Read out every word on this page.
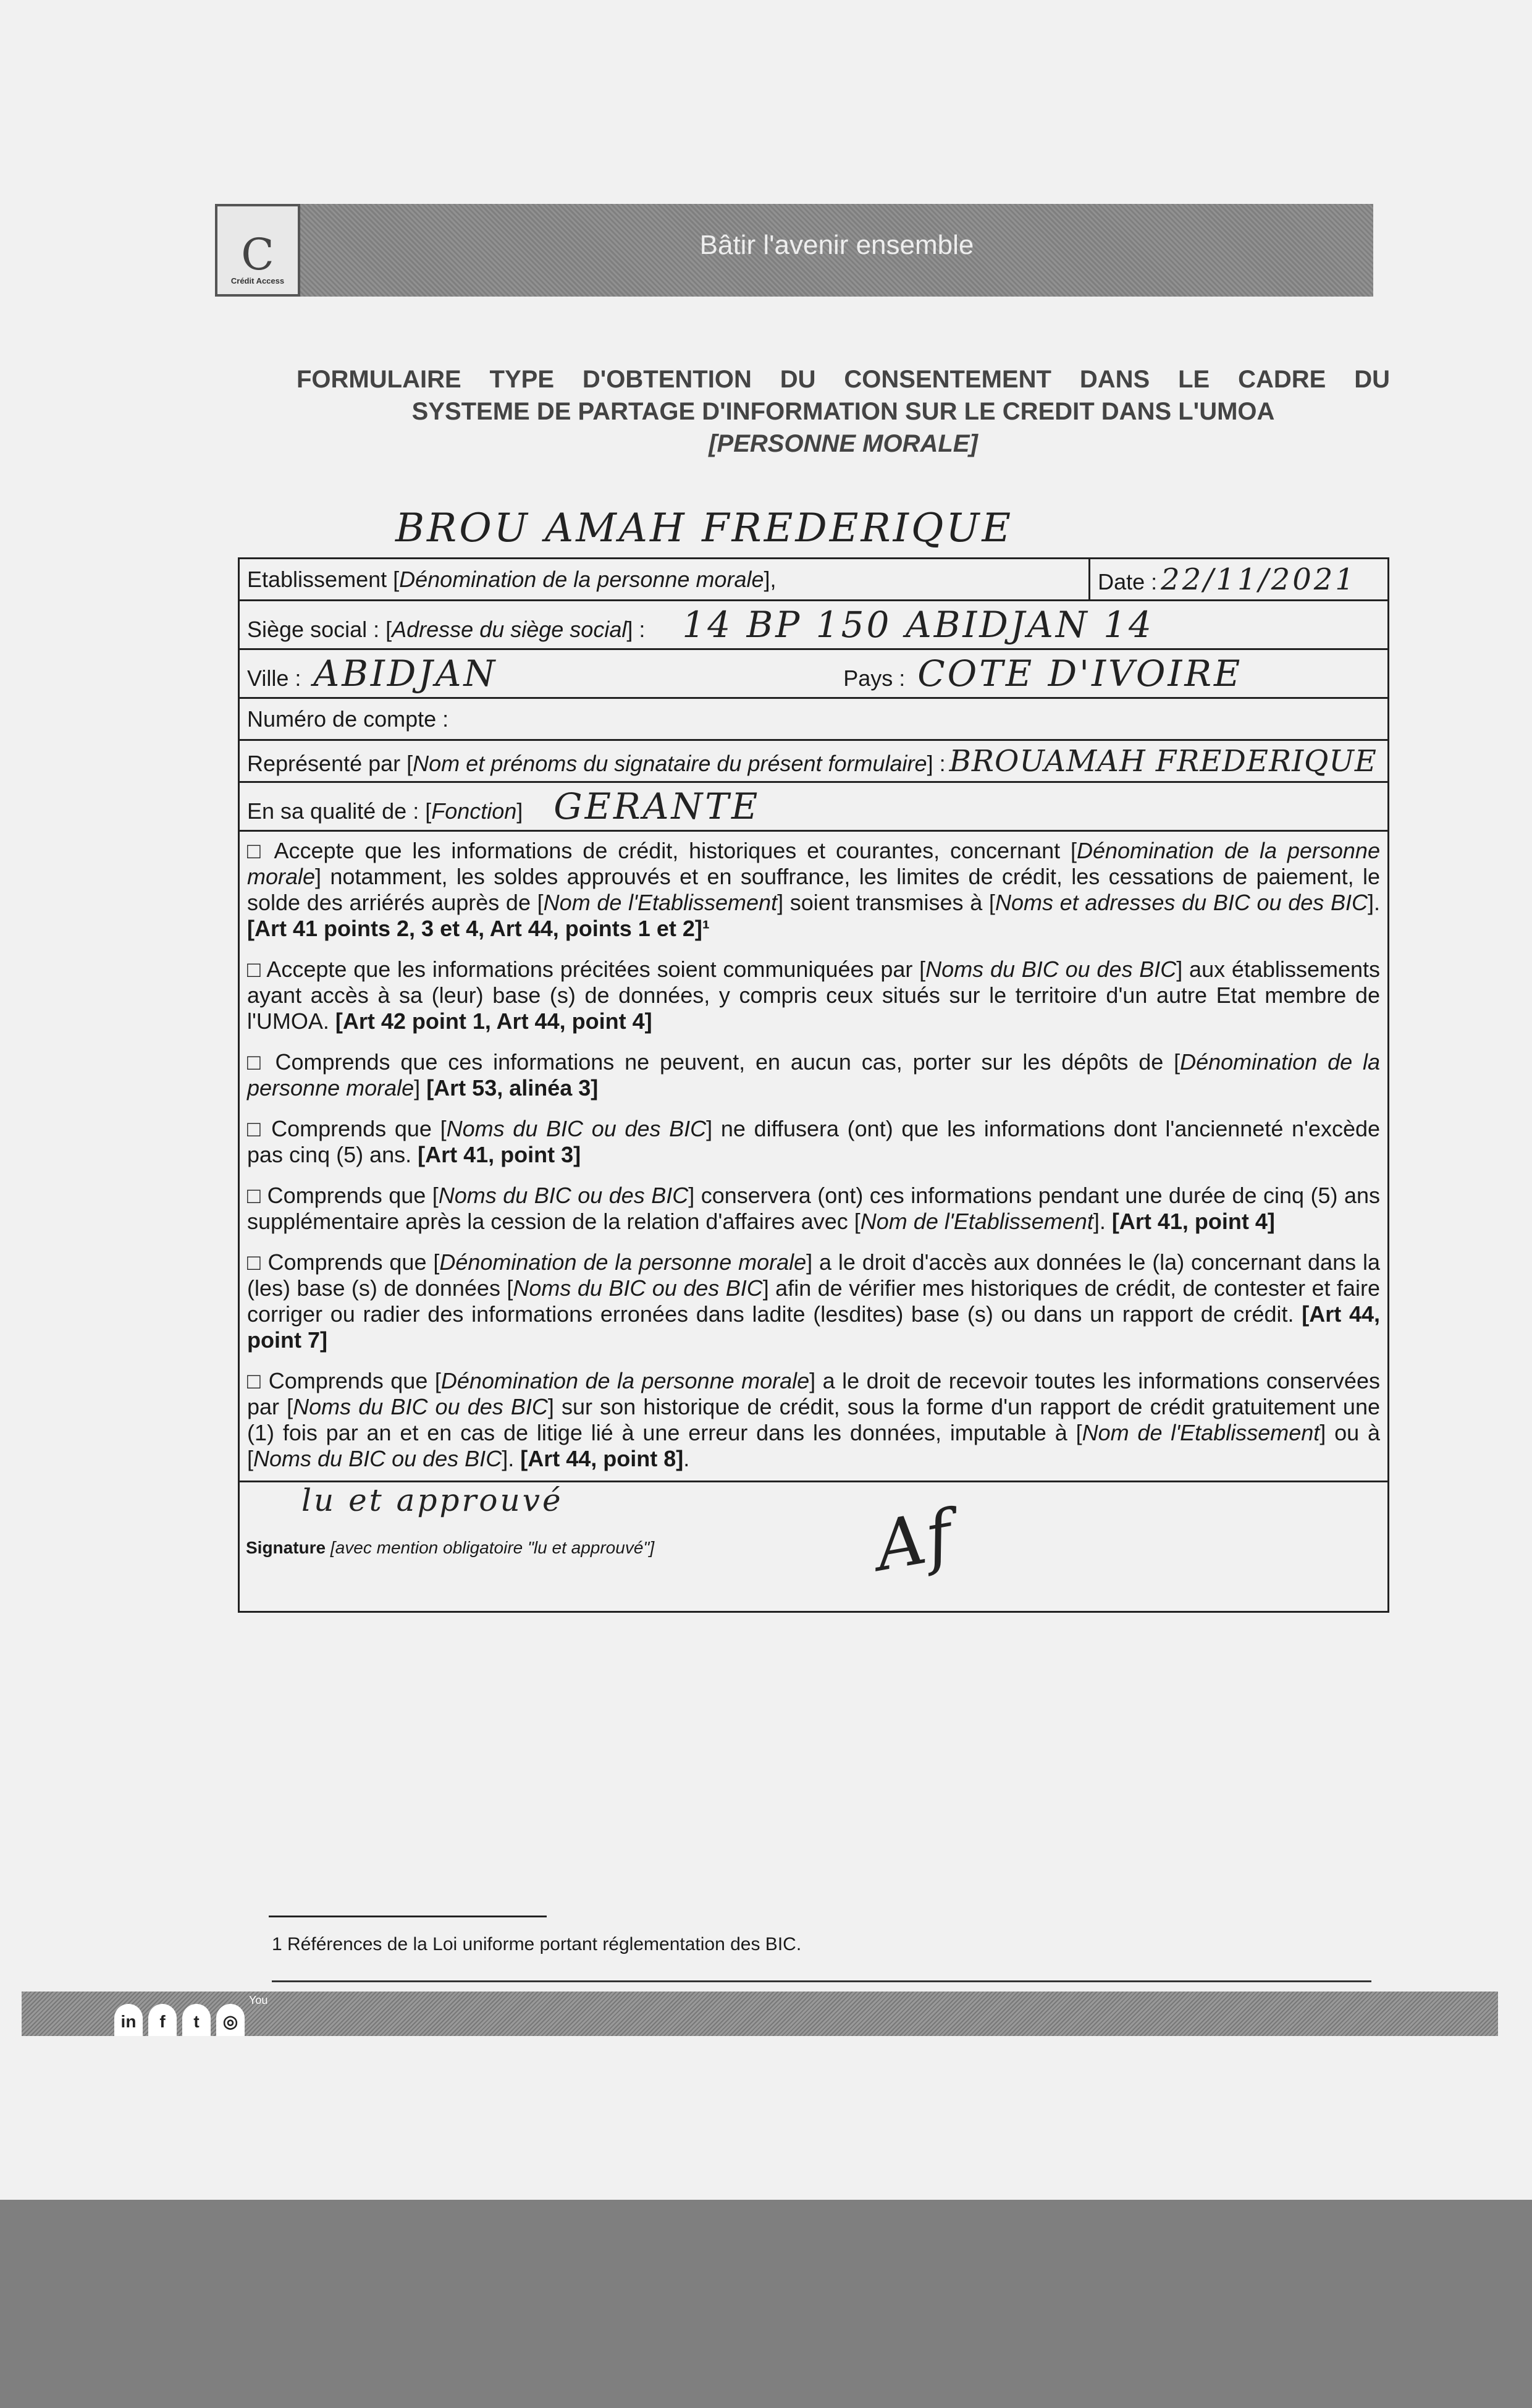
C
Crédit Access
Bâtir l'avenir ensemble
FORMULAIRE TYPE D'OBTENTION DU CONSENTEMENT DANS LE CADRE DU
SYSTEME DE PARTAGE D'INFORMATION SUR LE CREDIT DANS L'UMOA
[PERSONNE MORALE]
BROU AMAH FREDERIQUE
Etablissement [Dénomination de la personne morale],	Date : 22/11/2021
Siège social : [Adresse du siège social] : 14 BP 150 ABIDJAN 14
Ville : ABIDJAN	Pays : COTE D'IVOIRE
Numéro de compte :
Représenté par [Nom et prénoms du signataire du présent formulaire] : BROUAMAH FREDERIQUE
En sa qualité de : [Fonction] GERANTE

□ Accepte que les informations de crédit, historiques et courantes, concernant [Dénomination de la personne morale] notamment, les soldes approuvés et en souffrance, les limites de crédit, les cessations de paiement, le solde des arriérés auprès de [Nom de l'Etablissement] soient transmises à [Noms et adresses du BIC ou des BIC]. [Art 41 points 2, 3 et 4, Art 44, points 1 et 2]¹
□ Accepte que les informations précitées soient communiquées par [Noms du BIC ou des BIC] aux établissements ayant accès à sa (leur) base (s) de données, y compris ceux situés sur le territoire d'un autre Etat membre de l'UMOA. [Art 42 point 1, Art 44, point 4]
□ Comprends que ces informations ne peuvent, en aucun cas, porter sur les dépôts de [Dénomination de la personne morale] [Art 53, alinéa 3]
□ Comprends que [Noms du BIC ou des BIC] ne diffusera (ont) que les informations dont l'ancienneté n'excède pas cinq (5) ans. [Art 41, point 3]
□ Comprends que [Noms du BIC ou des BIC] conservera (ont) ces informations pendant une durée de cinq (5) ans supplémentaire après la cession de la relation d'affaires avec [Nom de l'Etablissement]. [Art 41, point 4]
□ Comprends que [Dénomination de la personne morale] a le droit d'accès aux données le (la) concernant dans la (les) base (s) de données [Noms du BIC ou des BIC] afin de vérifier mes historiques de crédit, de contester et faire corriger ou radier des informations erronées dans ladite (lesdites) base (s) ou dans un rapport de crédit. [Art 44, point 7]
□ Comprends que [Dénomination de la personne morale] a le droit de recevoir toutes les informations conservées par [Noms du BIC ou des BIC] sur son historique de crédit, sous la forme d'un rapport de crédit gratuitement une (1) fois par an et en cas de litige lié à une erreur dans les données, imputable à [Nom de l'Etablissement] ou à [Noms du BIC ou des BIC]. [Art 44, point 8].

lu et approuvé
Signature [avec mention obligatoire "lu et approuvé"]	Af
1 Références de la Loi uniforme portant réglementation des BIC.
in	f	t	◎
You
